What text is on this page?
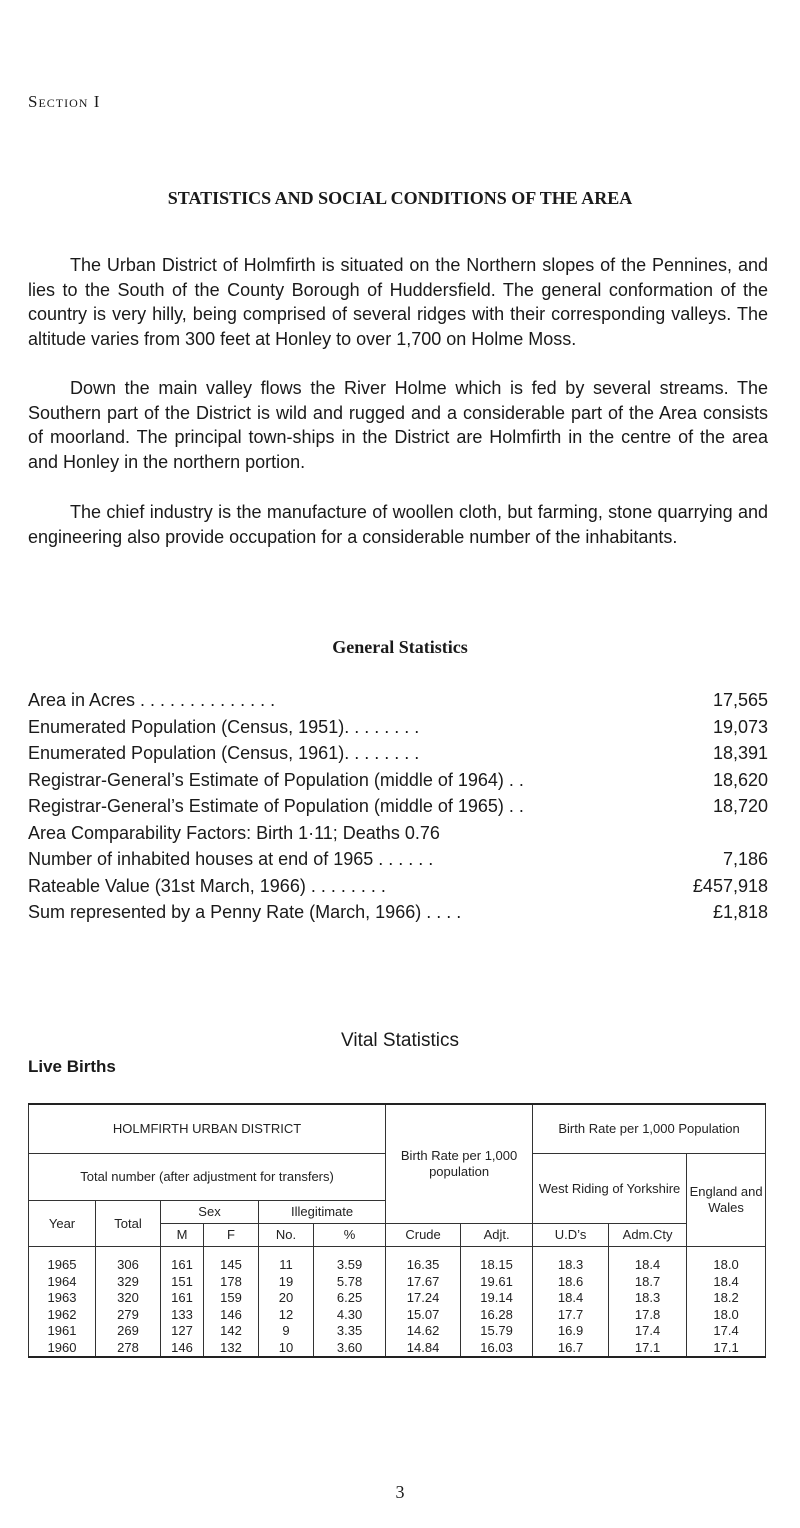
Section I
STATISTICS AND SOCIAL CONDITIONS OF THE AREA

The Urban District of Holmfirth is situated on the Northern slopes of the Pennines, and lies to the South of the County Borough of Huddersfield. The general conformation of the country is very hilly, being comprised of several ridges with their corresponding valleys. The altitude varies from 300 feet at Honley to over 1,700 on Holme Moss.

Down the main valley flows the River Holme which is fed by several streams. The Southern part of the District is wild and rugged and a considerable part of the Area consists of moorland. The principal town-ships in the District are Holmfirth in the centre of the area and Honley in the northern portion.

The chief industry is the manufacture of woollen cloth, but farming, stone quarrying and engineering also provide occupation for a considerable number of the inhabitants.

General Statistics
Area in Acres . . . . . . . . . . . . . .	17,565
Enumerated Population (Census, 1951). . . . . . . .	19,073
Enumerated Population (Census, 1961). . . . . . . .	18,391
Registrar-General’s Estimate of Population (middle of 1964) . .	18,620
Registrar-General’s Estimate of Population (middle of 1965) . .	18,720
Area Comparability Factors: Birth 1·11; Deaths 0.76
Number of inhabited houses at end of 1965 . . . . . .	7,186
Rateable Value (31st March, 1966) . . . . . . . .	£457,918
Sum represented by a Penny Rate (March, 1966) . . . .	£1,818
Vital Statistics
Live Births
HOLMFIRTH URBAN DISTRICT						Birth Rate per 1,000 population		Birth Rate per 1,000 Population		
Total number (after adjustment for transfers)								West Riding of Yorkshire		England and Wales
Year	Total	Sex		Illegitimate						
		M	F	No.	%	Crude	Adjt.	U.D’s	Adm.Cty	
1965	306	161	145	11	3.59	16.35	18.15	18.3	18.4	18.0
1964	329	151	178	19	5.78	17.67	19.61	18.6	18.7	18.4
1963	320	161	159	20	6.25	17.24	19.14	18.4	18.3	18.2
1962	279	133	146	12	4.30	15.07	16.28	17.7	17.8	18.0
1961	269	127	142	9	3.35	14.62	15.79	16.9	17.4	17.4
1960	278	146	132	10	3.60	14.84	16.03	16.7	17.1	17.1
3
